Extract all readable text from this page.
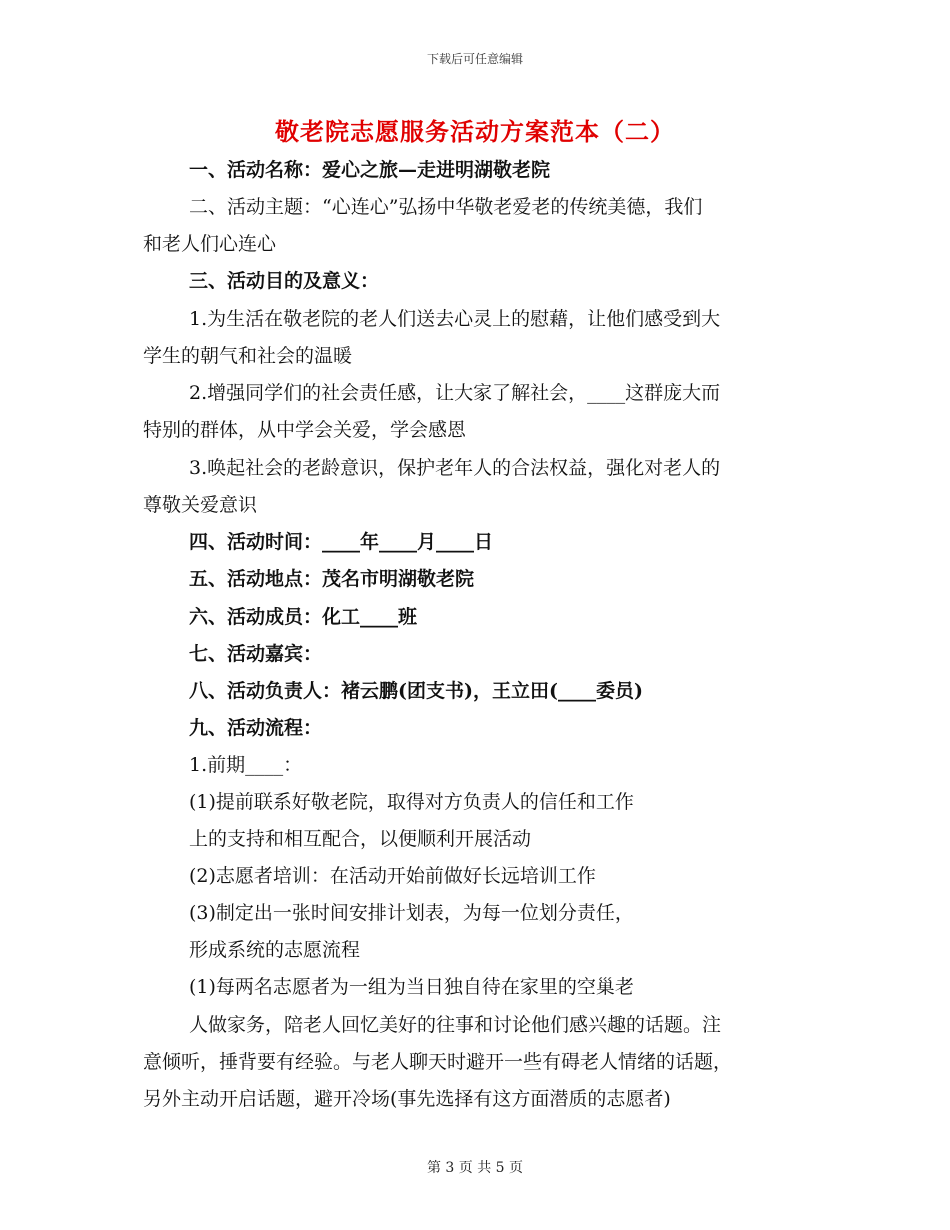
下载后可任意编辑
敬老院志愿服务活动方案范本（二）
一、活动名称：爱心之旅—走进明湖敬老院
二、活动主题：“心连心”弘扬中华敬老爱老的传统美德，我们
和老人们心连心
三、活动目的及意义：
1.为生活在敬老院的老人们送去心灵上的慰藉，让他们感受到大
学生的朝气和社会的温暖
2.增强同学们的社会责任感，让大家了解社会，____这群庞大而
特别的群体，从中学会关爱，学会感恩
3.唤起社会的老龄意识，保护老年人的合法权益，强化对老人的
尊敬关爱意识
四、活动时间：____年____月____日
五、活动地点：茂名市明湖敬老院
六、活动成员：化工____班
七、活动嘉宾：
八、活动负责人：褚云鹏(团支书)，王立田(____委员)
九、活动流程：
1.前期____：
(1)提前联系好敬老院，取得对方负责人的信任和工作
上的支持和相互配合，以便顺利开展活动
(2)志愿者培训：在活动开始前做好长远培训工作
(3)制定出一张时间安排计划表，为每一位划分责任，
形成系统的志愿流程
(1)每两名志愿者为一组为当日独自待在家里的空巢老
人做家务，陪老人回忆美好的往事和讨论他们感兴趣的话题。注
意倾听，捶背要有经验。与老人聊天时避开一些有碍老人情绪的话题，
另外主动开启话题，避开冷场(事先选择有这方面潜质的志愿者)
第 3 页 共 5 页
